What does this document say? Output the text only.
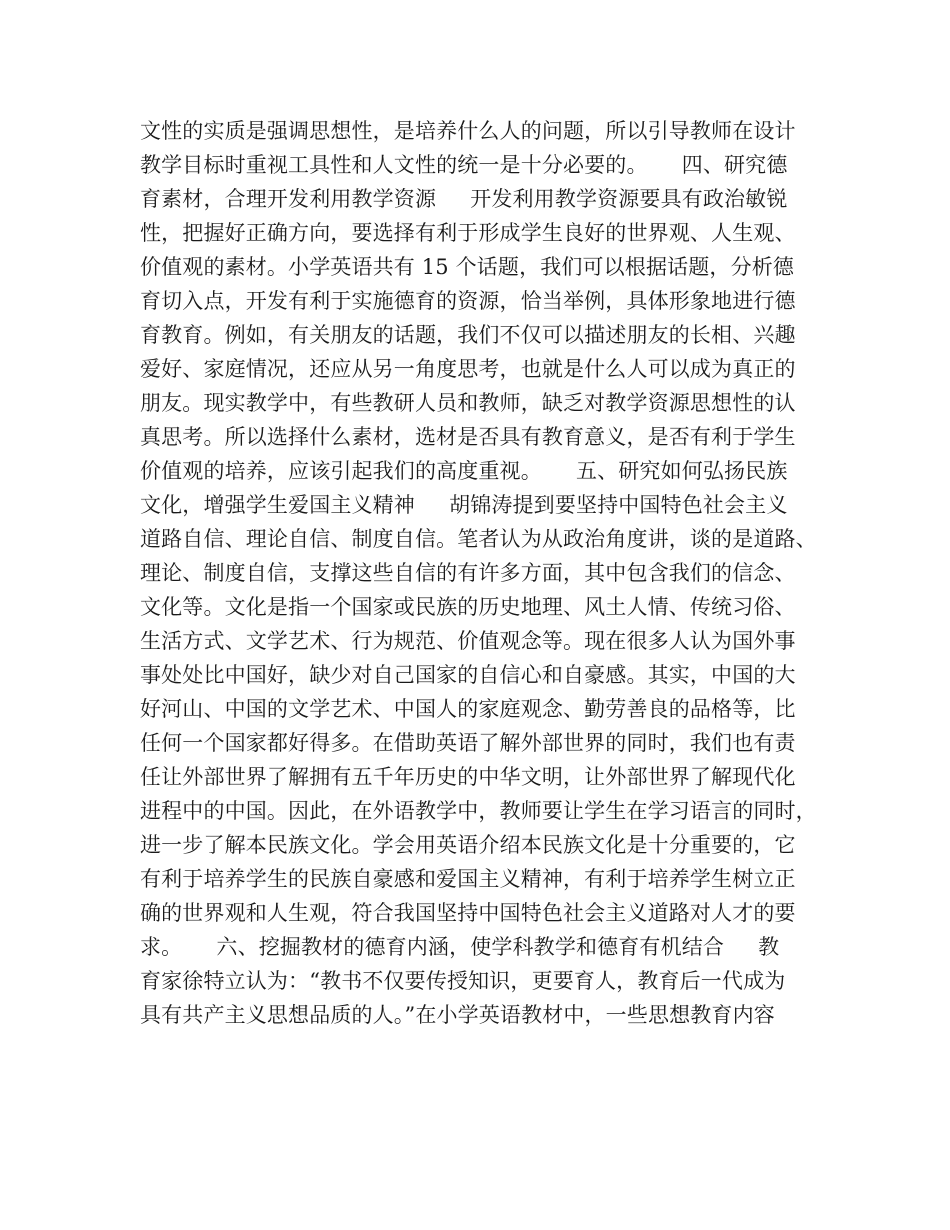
文性的实质是强调思想性，是培养什么人的问题，所以引导教师在设计
教学目标时重视工具性和人文性的统一是十分必要的。     四、研究德
育素材，合理开发利用教学资源     开发利用教学资源要具有政治敏锐
性，把握好正确方向，要选择有利于形成学生良好的世界观、人生观、
价值观的素材。小学英语共有 15 个话题，我们可以根据话题，分析德
育切入点，开发有利于实施德育的资源，恰当举例，具体形象地进行德
育教育。例如，有关朋友的话题，我们不仅可以描述朋友的长相、兴趣
爱好、家庭情况，还应从另一角度思考，也就是什么人可以成为真正的
朋友。现实教学中，有些教研人员和教师，缺乏对教学资源思想性的认
真思考。所以选择什么素材，选材是否具有教育意义，是否有利于学生
价值观的培养，应该引起我们的高度重视。     五、研究如何弘扬民族
文化，增强学生爱国主义精神     胡锦涛提到要坚持中国特色社会主义
道路自信、理论自信、制度自信。笔者认为从政治角度讲，谈的是道路、
理论、制度自信，支撑这些自信的有许多方面，其中包含我们的信念、
文化等。文化是指一个国家或民族的历史地理、风土人情、传统习俗、
生活方式、文学艺术、行为规范、价值观念等。现在很多人认为国外事
事处处比中国好，缺少对自己国家的自信心和自豪感。其实，中国的大
好河山、中国的文学艺术、中国人的家庭观念、勤劳善良的品格等，比
任何一个国家都好得多。在借助英语了解外部世界的同时，我们也有责
任让外部世界了解拥有五千年历史的中华文明，让外部世界了解现代化
进程中的中国。因此，在外语教学中，教师要让学生在学习语言的同时，
进一步了解本民族文化。学会用英语介绍本民族文化是十分重要的，它
有利于培养学生的民族自豪感和爱国主义精神，有利于培养学生树立正
确的世界观和人生观，符合我国坚持中国特色社会主义道路对人才的要
求。     六、挖掘教材的德育内涵，使学科教学和德育有机结合     教
育家徐特立认为：“教书不仅要传授知识，更要育人，教育后一代成为
具有共产主义思想品质的人。”在小学英语教材中，一些思想教育内容
